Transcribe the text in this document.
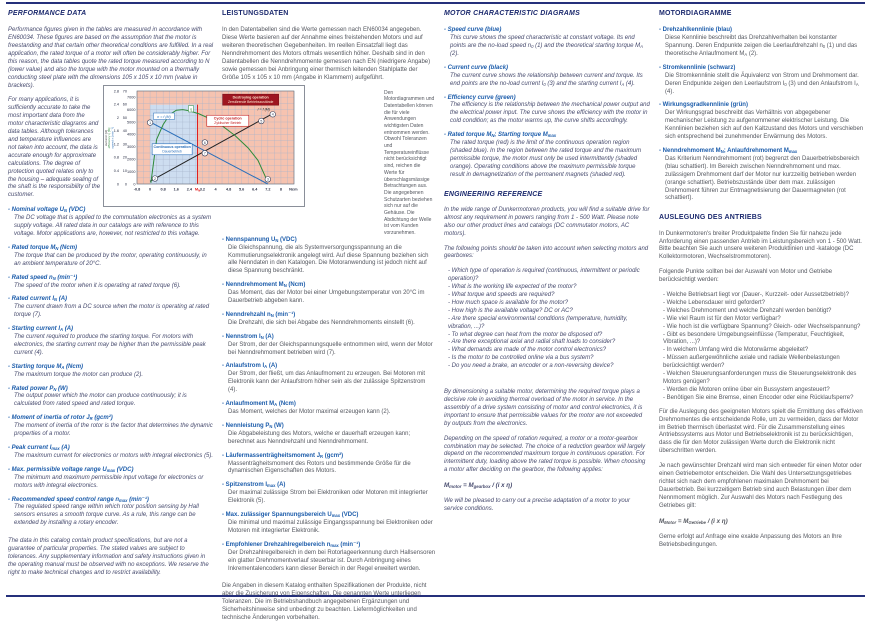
PERFORMANCE DATA
Performance figures given in the tables are measured in accordance with EN60034. These figures are based on the assumption that the motor is freestanding and that certain other theoretical conditions are fulfilled. In a real application, the rated torque of a motor will often be considerably higher. For this reason, the data tables quote the rated torque measured according to N (lower value) and also the torque with the motor mounted on a thermally conducting steel plate with the dimensions 105 x 105 x 10 mm (value in brackets).
For many applications, it is sufficiently accurate to take the most important data from the motor characteristic diagrams and data tables. Although tolerances and temperature influences are not taken into account, the data is accurate enough for approximate calculations. The degree of protection quoted relates only to the housing – adequate sealing of the shaft is the responsibility of the customer.
- Nominal voltage $U_N$ (VDC)
The DC voltage that is applied to the commutation electronics as a system supply voltage. All rated data in our catalogs are with reference to this voltage. Motor applications are, however, not restricted to this voltage.
- Rated torque $M_N$ (Ncm)
The torque that can be produced by the motor, operating continuously, in an ambient temperature of 20°C.
- Rated speed $n_N$ (min⁻¹)
The speed of the motor when it is operating at rated torque (6).
- Rated current $I_N$ (A)
The current drawn from a DC source when the motor is operating at rated torque (7).
- Starting current $I_A$ (A)
The current required to produce the starting torque. For motors with electronics, the starting current may be higher than the permissible peak current (4).
- Starting torque $M_A$ (Ncm)
The maximum torque the motor can produce (2).
- Rated power $P_N$ (W)
The output power which the motor can produce continuously; it is calculated from rated speed and rated torque.
- Moment of inertia of rotor $J_R$ (gcm²)
The moment of inertia of the rotor is the factor that determines the dynamic properties of a motor.
- Peak current $I_{max}$ (A)
The maximum current for electronics or motors with integral electronics (5).
- Max. permissible voltage range $U_{max}$ (VDC)
The minimum and maximum permissible input voltage for electronics or motors with integral electronics.
- Recommended speed control range $n_{max}$ (min⁻¹)
The regulated speed range within which rotor position sensing by Hall sensors ensures a smooth torque curve. As a rule, this range can be extended by installing a rotary encoder.
The data in this catalog contain product specifications, but are not a guarantee of particular properties. The stated values are subject to tolerances. Any supplementary information and safety instructions given in the operating manual must be observed with no exceptions. We reserve the right to make technical changes and to restrict availability.
LEISTUNGSDATEN
In den Datentabellen sind die Werte gemessen nach EN60034 angegeben. Diese Werte basieren auf der Annahme eines freistehenden Motors und auf weiteren theoretischen Gegebenheiten. Im reellen Einsatzfall liegt das Nenndrehmoment des Motors oftmals wesentlich höher. Deshalb sind in den Datentabellen die Nenndrehmomente gemessen nach EN (niedrigere Angabe) sowie gemessen bei Anbringung einer thermisch leitenden Stahlplatte der Größe 105 x 105 x 10 mm (Angabe in Klammern) aufgeführt.
Den Motordiagrammen und Datentabellen können die für viele Anwendungen wichtigsten Daten entnommen werden. Obwohl Toleranzen und Temperatureinflüsse nicht berücksichtigt sind, reichen die Werte für überschlagsmässige Betrachtungen aus. Die angegebenen Schutzarten beziehen sich nur auf die Gehäuse. Die Abdichtung der Welle ist vom Kunden vorzunehmen.
- Nennspannung $U_N$ (VDC)
Die Gleichspannung, die als Systemversorgungsspannung an die Kommutierungselektronik angelegt wird. Auf diese Spannung beziehen sich alle Nenndaten in den Katalogen. Die Motoranwendung ist jedoch nicht auf diese Spannung beschränkt.
- Nenndrehmoment $M_N$ (Ncm)
Das Moment, das der Motor bei einer Umgebungstemperatur von 20°C im Dauerbetrieb abgeben kann.
- Nenndrehzahl $n_N$ (min⁻¹)
Die Drehzahl, die sich bei Abgabe des Nenndrehmoments einstellt (6).
- Nennstrom $I_N$ (A)
Der Strom, der der Gleichspannungsquelle entnommen wird, wenn der Motor bei Nenndrehmoment betrieben wird (7).
- Anlaufstrom $I_A$ (A)
Der Strom, der fließt, um das Anlaufmoment zu erzeugen. Bei Motoren mit Elektronik kann der Anlaufstrom höher sein als der zulässige Spitzenstrom (4).
- Anlaufmoment $M_A$ (Ncm)
Das Moment, welches der Motor maximal erzeugen kann (2).
- Nennleistung $P_N$ (W)
Die Abgabeleistung des Motors, welche er dauerhaft erzeugen kann; berechnet aus Nenndrehzahl und Nenndrehmoment.
- Läufermassenträgheitsmoment $J_R$ (gcm²)
Massenträgheitsmoment des Rotors und bestimmende Größe für die dynamischen Eigenschaften des Motors.
- Spitzenstrom $I_{max}$ (A)
Der maximal zulässige Strom bei Elektroniken oder Motoren mit integrierter Elektronik (5).
- Max. zulässiger Spannungsbereich $U_{max}$ (VDC)
Die minimal und maximal zulässige Eingangsspannung bei Elektroniken oder Motoren mit integrierter Elektronik.
- Empfohlener Drehzahlregelbereich $n_{max}$ (min⁻¹)
Der Drehzahlregelbereich in dem bei Rotorlageerkennung durch Hallsensoren ein glatter Drehmomentverlauf steuerbar ist. Durch Anbringung eines Inkrementalencoders kann dieser Bereich in der Regel erweitert werden.
Die Angaben in diesem Katalog enthalten Spezifikationen der Produkte, nicht aber die Zusicherung von Eigenschaften. Die genannten Werte unterliegen Toleranzen. Die im Betriebshandbuch angegebenen Ergänzungen und Sicherheitshinweise sind unbedingt zu beachten. Liefermöglichkeiten und technische Änderungen vorbehalten.
MOTOR CHARACTERISTIC DIAGRAMS
- Speed curve (blue)
This curve shows the speed characteristic at constant voltage. Its end points are the no-load speed $n_0$ (1) and the theoretical starting torque $M_A$ (2).
- Current curve (black)
The current curve shows the relationship between current and torque. Its end points are the no-load current $I_0$ (3) and the starting current $I_A$ (4).
- Efficiency curve (green)
The efficiency is the relationship between the mechanical power output and the electrical power input. The curve shows the efficiency with the motor in cold condition; as the motor warms up, the curve shifts accordingly.
- Rated torque $M_N$; Starting torque $M_{max}$
The rated torque (red) is the limit of the continuous operation region (shaded blue). In the region between the rated torque and the maximum permissible torque, the motor must only be used intermittently (shaded orange). Operating conditions above the maximum permissible torque result in demagnetization of the permanent magnets (shaded red).
ENGINEERING REFERENCE
In the wide range of Dunkermotoren products, you will find a suitable drive for almost any requirement in powers ranging from 1 - 500 Watt. Please note also our other product lines and catalogs (DC commutator motors, AC motors).
The following points should be taken into account when selecting motors and gearboxes:
- Which type of operation is required (continuous, intermittent or periodic operation)?
- What is the working life expected of the motor?
- What torque and speeds are required?
- How much space is available for the motor?
- How high is the available voltage? DC or AC?
- Are there special environmental conditions (temperature, humidity, vibration, ...)?
- To what degree can heat from the motor be disposed of?
- Are there exceptional axial and radial shaft loads to consider?
- What demands are made of the motor control electronics?
- Is the motor to be controlled online via a bus system?
- Do you need a brake, an encoder or a non-reversing device?
By dimensioning a suitable motor, determining the required torque plays a decisive role in avoiding thermal overload of the motor in service. In the assembly of a drive system consisting of motor and control electronics, it is important to ensure that permissible values for the motor are not exceeded by outputs from the electronics.
Depending on the speed of rotation required, a motor or a motor-gearbox combination may be selected. The choice of a reduction gearbox will largely depend on the recommended maximum torque in continuous operation. For intermittent duty, loading above the rated torque is possible. When choosing a motor after deciding on the gearbox, the following applies:
$M_{motor} = M_{gearbox} / (i$ x η)
We will be pleased to carry out a precise adaptation of a motor to your service conditions.
MOTORDIAGRAMME
- Drehzahlkennlinie (blau)
Diese Kennlinie beschreibt das Drehzahlverhalten bei konstanter Spannung. Deren Endpunkte zeigen die Leerlaufdrehzahl $n_0$ (1) und das theoretische Anlaufmoment $M_A$ (2).
- Stromkennlinie (schwarz)
Die Stromkennlinie stellt die Äquivalenz von Strom und Drehmoment dar. Deren Endpunkte zeigen den Leerlaufstrom $I_0$ (3) und den Anlaufstrom $I_A$ (4).
- Wirkungsgradkennlinie (grün)
Der Wirkungsgrad beschreibt das Verhältnis von abgegebener mechanischer Leistung zu aufgenommener elektrischer Leistung. Die Kennlinien beziehen sich auf den Kaltzustand des Motors und verschieben sich entsprechend bei zunehmender Erwärmung des Motors.
- Nenndrehmoment $M_N$; Anlaufdrehmoment $M_{max}$
Das Kriterium Nenndrehmoment (rot) begrenzt den Dauerbetriebsbereich (blau schattiert). Im Bereich zwischen Nenndrehmoment und max. zulässigem Drehmoment darf der Motor nur kurzzeitig betrieben werden (orange schattiert). Betriebszustände über dem max. zulässigen Drehmoment führen zur Entmagnetisierung der Dauermagneten (rot schattiert).
AUSLEGUNG DES ANTRIEBS
In Dunkermotoren's breiter Produktpalette finden Sie für nahezu jede Anforderung einen passenden Antrieb im Leistungsbereich von 1 - 500 Watt. Bitte beachten Sie auch unsere weiteren Produktlinien und -kataloge (DC Kollektormotoren, Wechselstrommotoren).
Folgende Punkte sollten bei der Auswahl von Motor und Getriebe berücksichtigt werden:
- Welche Betriebsart liegt vor (Dauer-, Kurzzeit- oder Aussetzbetrieb)?
- Welche Lebensdauer wird gefordert?
- Welches Drehmoment und welche Drehzahl werden benötigt?
- Wie viel Raum ist für den Motor verfügbar?
- Wie hoch ist die verfügbare Spannung? Gleich- oder Wechselspannung?
- Gibt es besondere Umgebungseinflüsse (Temperatur, Feuchtigkeit, Vibration, ...)?
- In welchem Umfang wird die Motorwärme abgeleitet?
- Müssen außergewöhnliche axiale und radiale Wellenbelastungen berücksichtigt werden?
- Welchen Steuerungsanforderungen muss die Steuerungselektronik des Motors genügen?
- Werden die Motoren online über ein Bussystem angesteuert?
- Benötigen Sie eine Bremse, einen Encoder oder eine Rücklaufsperre?
Für die Auslegung des geeigneten Motors spielt die Ermittlung des effektiven Drehmomentes die entscheidende Rolle, um zu vermeiden, dass der Motor im Betrieb thermisch überlastet wird. Für die Zusammenstellung eines Antriebssystems aus Motor und Betriebselektronik ist zu berücksichtigen, dass die für den Motor zulässigen Werte durch die Elektronik nicht überschritten werden.
Je nach gewünschter Drehzahl wird man sich entweder für einen Motor oder einen Getriebemotor entscheiden. Die Wahl des Untersetzungsgetriebes richtet sich nach dem empfohlenen maximalen Drehmoment bei Dauerbetrieb. Bei kurzzeitigem Betrieb sind auch Belastungen über dem Nennmoment möglich. Zur Auswahl des Motors nach Festlegung des Getriebes gilt:
$M_{Motor} = M_{Getriebe} / (i$ x η)
Gerne erfolgt auf Anfrage eine exakte Anpassung des Motors an Ihre Betriebsbedingungen.
Continuous operation
Dauerbetrieb
Cyclic operation
Zyklischer Betrieb
Destroying operation
Zerstörende Betriebszustände
n = f (M)
I = f (M)
η
1
2	3
4
5
6
7
0
0.4
0.8
1.2
1.6
2
2.4
2.8
0
10
20
30
40
50
60
70
0
1000
2000
3000
4000
5000
6000
7000
current I [A] efficiency η [%] speed n [min⁻¹]
-0.8 0 0.8 1.6 2.4 3.2 4 4.8 5.6 6.4 7.2 8 Ncm
$M_N$
